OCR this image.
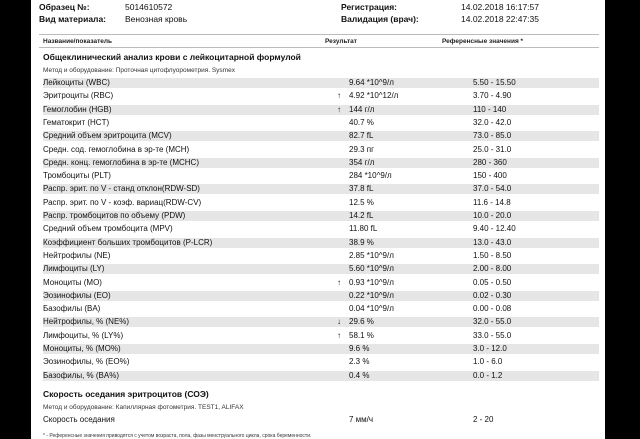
Образец №:	5014610572
Вид материала: Венозная кровь
Регистрация:	14.02.2018 16:17:57
Валидация (врач):	14.02.2018 22:47:35
Название/показатель	Результат	Референсные значения *
Общеклинический анализ крови с лейкоцитарной формулой
Метод и оборудование: Проточная цитофлуорометрия. Sysmex
Лейкоциты (WBC)	9.64 *10^9/л	5.50 - 15.50
Эритроциты (RBC)	↑ 4.92 *10^12/л	3.70 - 4.90
Гемоглобин (HGB)	↑ 144 г/л	110 - 140
Гематокрит (HCT)	40.7 %	32.0 - 42.0
Средний объем эритроцита (MCV)	82.7 fL	73.0 - 85.0
Средн. сод. гемоглобина в эр-те (MCH)	29.3 пг	25.0 - 31.0
Средн. конц. гемоглобина в эр-те (MCHC)	354 г/л	280 - 360
Тромбоциты (PLT)	284 *10^9/л	150 - 400
Распр. эрит. по V - станд отклон(RDW-SD)	37.8 fL	37.0 - 54.0
Распр. эрит. по V - коэф. вариац(RDW-CV)	12.5 %	11.6 - 14.8
Распр. тромбоцитов по объему (PDW)	14.2 fL	10.0 - 20.0
Средний объем тромбоцита (MPV)	11.80 fL	9.40 - 12.40
Коэффициент больших тромбоцитов (P-LCR)	38.9 %	13.0 - 43.0
Нейтрофилы (NE)	2.85 *10^9/л	1.50 - 8.50
Лимфоциты (LY)	5.60 *10^9/л	2.00 - 8.00
Моноциты (MO)	↑ 0.93 *10^9/л	0.05 - 0.50
Эозинофилы (EO)	0.22 *10^9/л	0.02 - 0.30
Базофилы (BA)	0.04 *10^9/л	0.00 - 0.08
Нейтрофилы, % (NE%)	↓ 29.6 %	32.0 - 55.0
Лимфоциты, % (LY%)	↑ 58.1 %	33.0 - 55.0
Моноциты, % (MO%)	9.6 %	3.0 - 12.0
Эозинофилы, % (EO%)	2.3 %	1.0 - 6.0
Базофилы, % (BA%)	0.4 %	0.0 - 1.2
Скорость оседания эритроцитов (СОЭ)
Метод и оборудование: Капиллярная фотометрия. TEST1, ALIFAX
Скорость оседания	7 мм/ч	2 - 20
* - Референсные значения приводятся с учетом возраста, пола, фазы менструального цикла, срока беременности.
